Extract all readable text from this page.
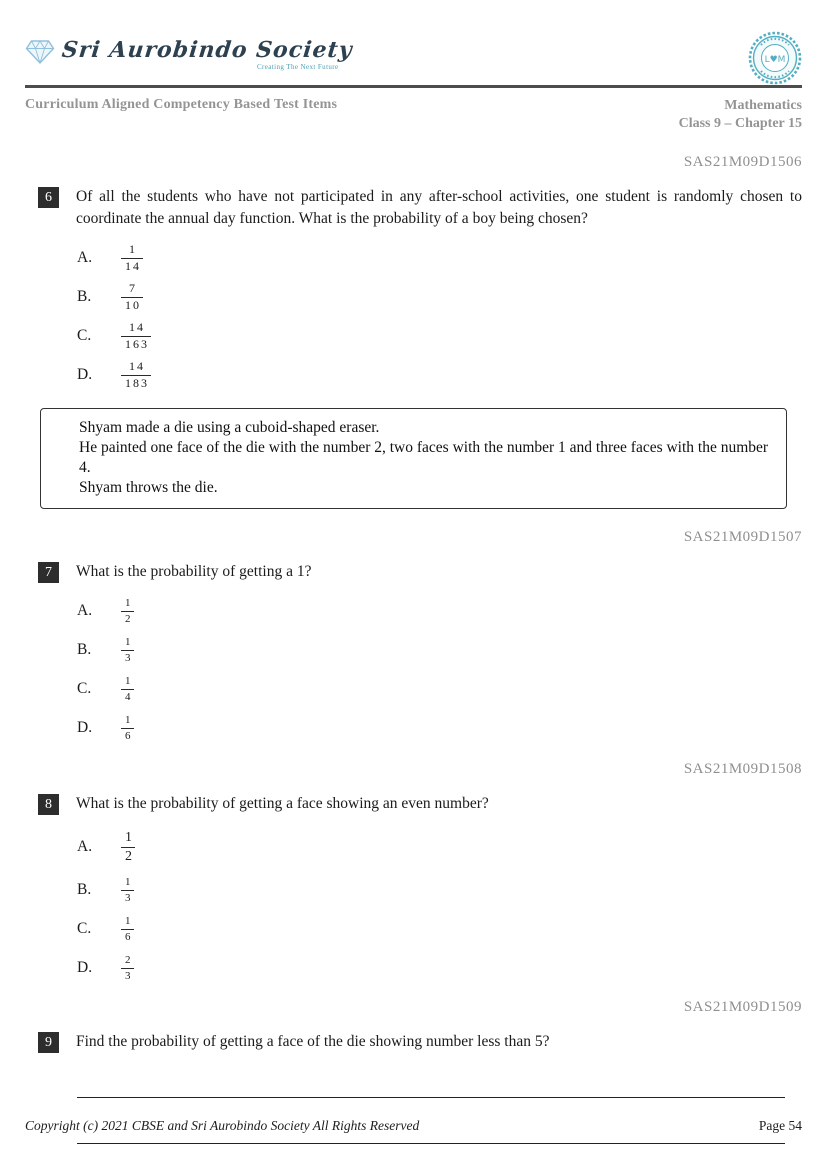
Sri Aurobindo Society
Creating The Next Future
L♥M
Curriculum Aligned Competency Based Test Items	Mathematics
Class 9 – Chapter 15
SAS21M09D1506
6	Of all the students who have not participated in any after-school activities, one student is randomly chosen to coordinate the annual day function. What is the probability of a boy being chosen?
A.	$\frac{1}{14}$
B.	$\frac{7}{10}$
C.	$\frac{14}{163}$
D.	$\frac{14}{183}$
Shyam made a die using a cuboid-shaped eraser.
He painted one face of the die with the number 2, two faces with the number 1 and three faces with the number 4.
Shyam throws the die.
SAS21M09D1507
7	What is the probability of getting a 1?
A.	$\frac{1}{2}$
B.	$\frac{1}{3}$
C.	$\frac{1}{4}$
D.	$\frac{1}{6}$
SAS21M09D1508
8	What is the probability of getting a face showing an even number?
A.	$\frac{1}{2}$
B.	$\frac{1}{3}$
C.	$\frac{1}{6}$
D.	$\frac{2}{3}$
SAS21M09D1509
9	Find the probability of getting a face of the die showing number less than 5?
Copyright (c) 2021 CBSE and Sri Aurobindo Society All Rights Reserved	Page 54
